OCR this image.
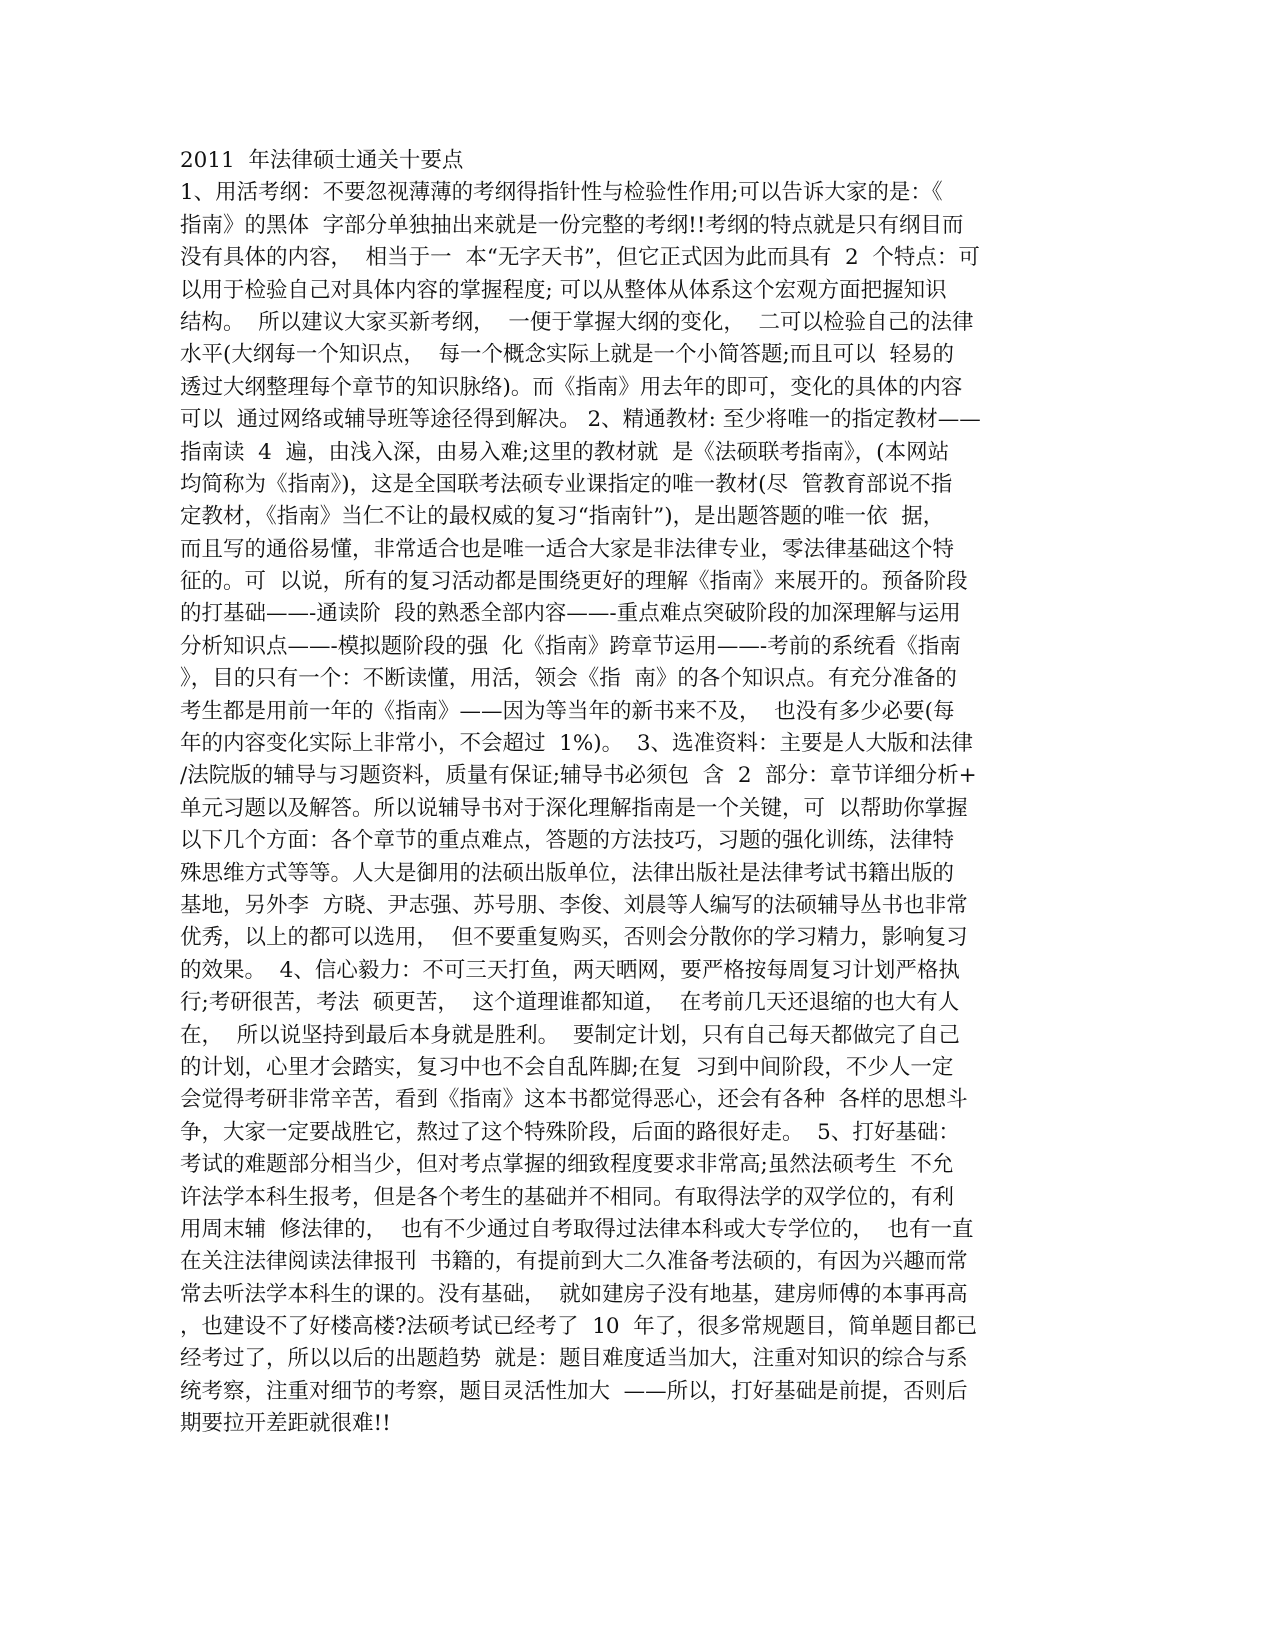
2011  年法律硕士通关十要点
1、用活考纲：不要忽视薄薄的考纲得指针性与检验性作用;可以告诉大家的是：《
指南》的黑体  字部分单独抽出来就是一份完整的考纲!!考纲的特点就是只有纲目而
没有具体的内容，  相当于一  本“无字天书”，但它正式因为此而具有  2  个特点：可
以用于检验自己对具体内容的掌握程度; 可以从整体从体系这个宏观方面把握知识
结构。  所以建议大家买新考纲，  一便于掌握大纲的变化，  二可以检验自己的法律
水平(大纲每一个知识点，  每一个概念实际上就是一个小简答题;而且可以  轻易的
透过大纲整理每个章节的知识脉络)。而《指南》用去年的即可，变化的具体的内容
可以  通过网络或辅导班等途径得到解决。 2、精通教材: 至少将唯一的指定教材——
指南读  4  遍，由浅入深，由易入难;这里的教材就  是《法硕联考指南》，(本网站
均简称为《指南》)，这是全国联考法硕专业课指定的唯一教材(尽  管教育部说不指
定教材，《指南》当仁不让的最权威的复习“指南针”)，是出题答题的唯一依  据，
而且写的通俗易懂，非常适合也是唯一适合大家是非法律专业，零法律基础这个特
征的。可  以说，所有的复习活动都是围绕更好的理解《指南》来展开的。预备阶段
的打基础——-通读阶  段的熟悉全部内容——-重点难点突破阶段的加深理解与运用
分析知识点——-模拟题阶段的强  化《指南》跨章节运用——-考前的系统看《指南
》，目的只有一个：不断读懂，用活，领会《指  南》的各个知识点。有充分准备的
考生都是用前一年的《指南》——因为等当年的新书来不及，  也没有多少必要(每
年的内容变化实际上非常小，不会超过  1%)。  3、选准资料：主要是人大版和法律
/法院版的辅导与习题资料，质量有保证;辅导书必须包  含  2  部分：章节详细分析+
单元习题以及解答。所以说辅导书对于深化理解指南是一个关键，可  以帮助你掌握
以下几个方面：各个章节的重点难点，答题的方法技巧，习题的强化训练，法律特
殊思维方式等等。人大是御用的法硕出版单位，法律出版社是法律考试书籍出版的
基地，另外李  方晓、尹志强、苏号朋、李俊、刘晨等人编写的法硕辅导丛书也非常
优秀，以上的都可以选用，  但不要重复购买，否则会分散你的学习精力，影响复习
的效果。  4、信心毅力：不可三天打鱼，两天晒网，要严格按每周复习计划严格执
行;考研很苦，考法  硕更苦，  这个道理谁都知道，  在考前几天还退缩的也大有人
在，  所以说坚持到最后本身就是胜利。  要制定计划，只有自己每天都做完了自己
的计划，心里才会踏实，复习中也不会自乱阵脚;在复  习到中间阶段，不少人一定
会觉得考研非常辛苦，看到《指南》这本书都觉得恶心，还会有各种  各样的思想斗
争，大家一定要战胜它，熬过了这个特殊阶段，后面的路很好走。  5、打好基础：
考试的难题部分相当少，但对考点掌握的细致程度要求非常高;虽然法硕考生  不允
许法学本科生报考，但是各个考生的基础并不相同。有取得法学的双学位的，有利
用周末辅  修法律的，  也有不少通过自考取得过法律本科或大专学位的，  也有一直
在关注法律阅读法律报刊  书籍的，有提前到大二久准备考法硕的，有因为兴趣而常
常去听法学本科生的课的。没有基础，  就如建房子没有地基，建房师傅的本事再高
，也建设不了好楼高楼?法硕考试已经考了  10  年了，很多常规题目，简单题目都已
经考过了，所以以后的出题趋势  就是：题目难度适当加大，注重对知识的综合与系
统考察，注重对细节的考察，题目灵活性加大  ——所以，打好基础是前提，否则后
期要拉开差距就很难!!
